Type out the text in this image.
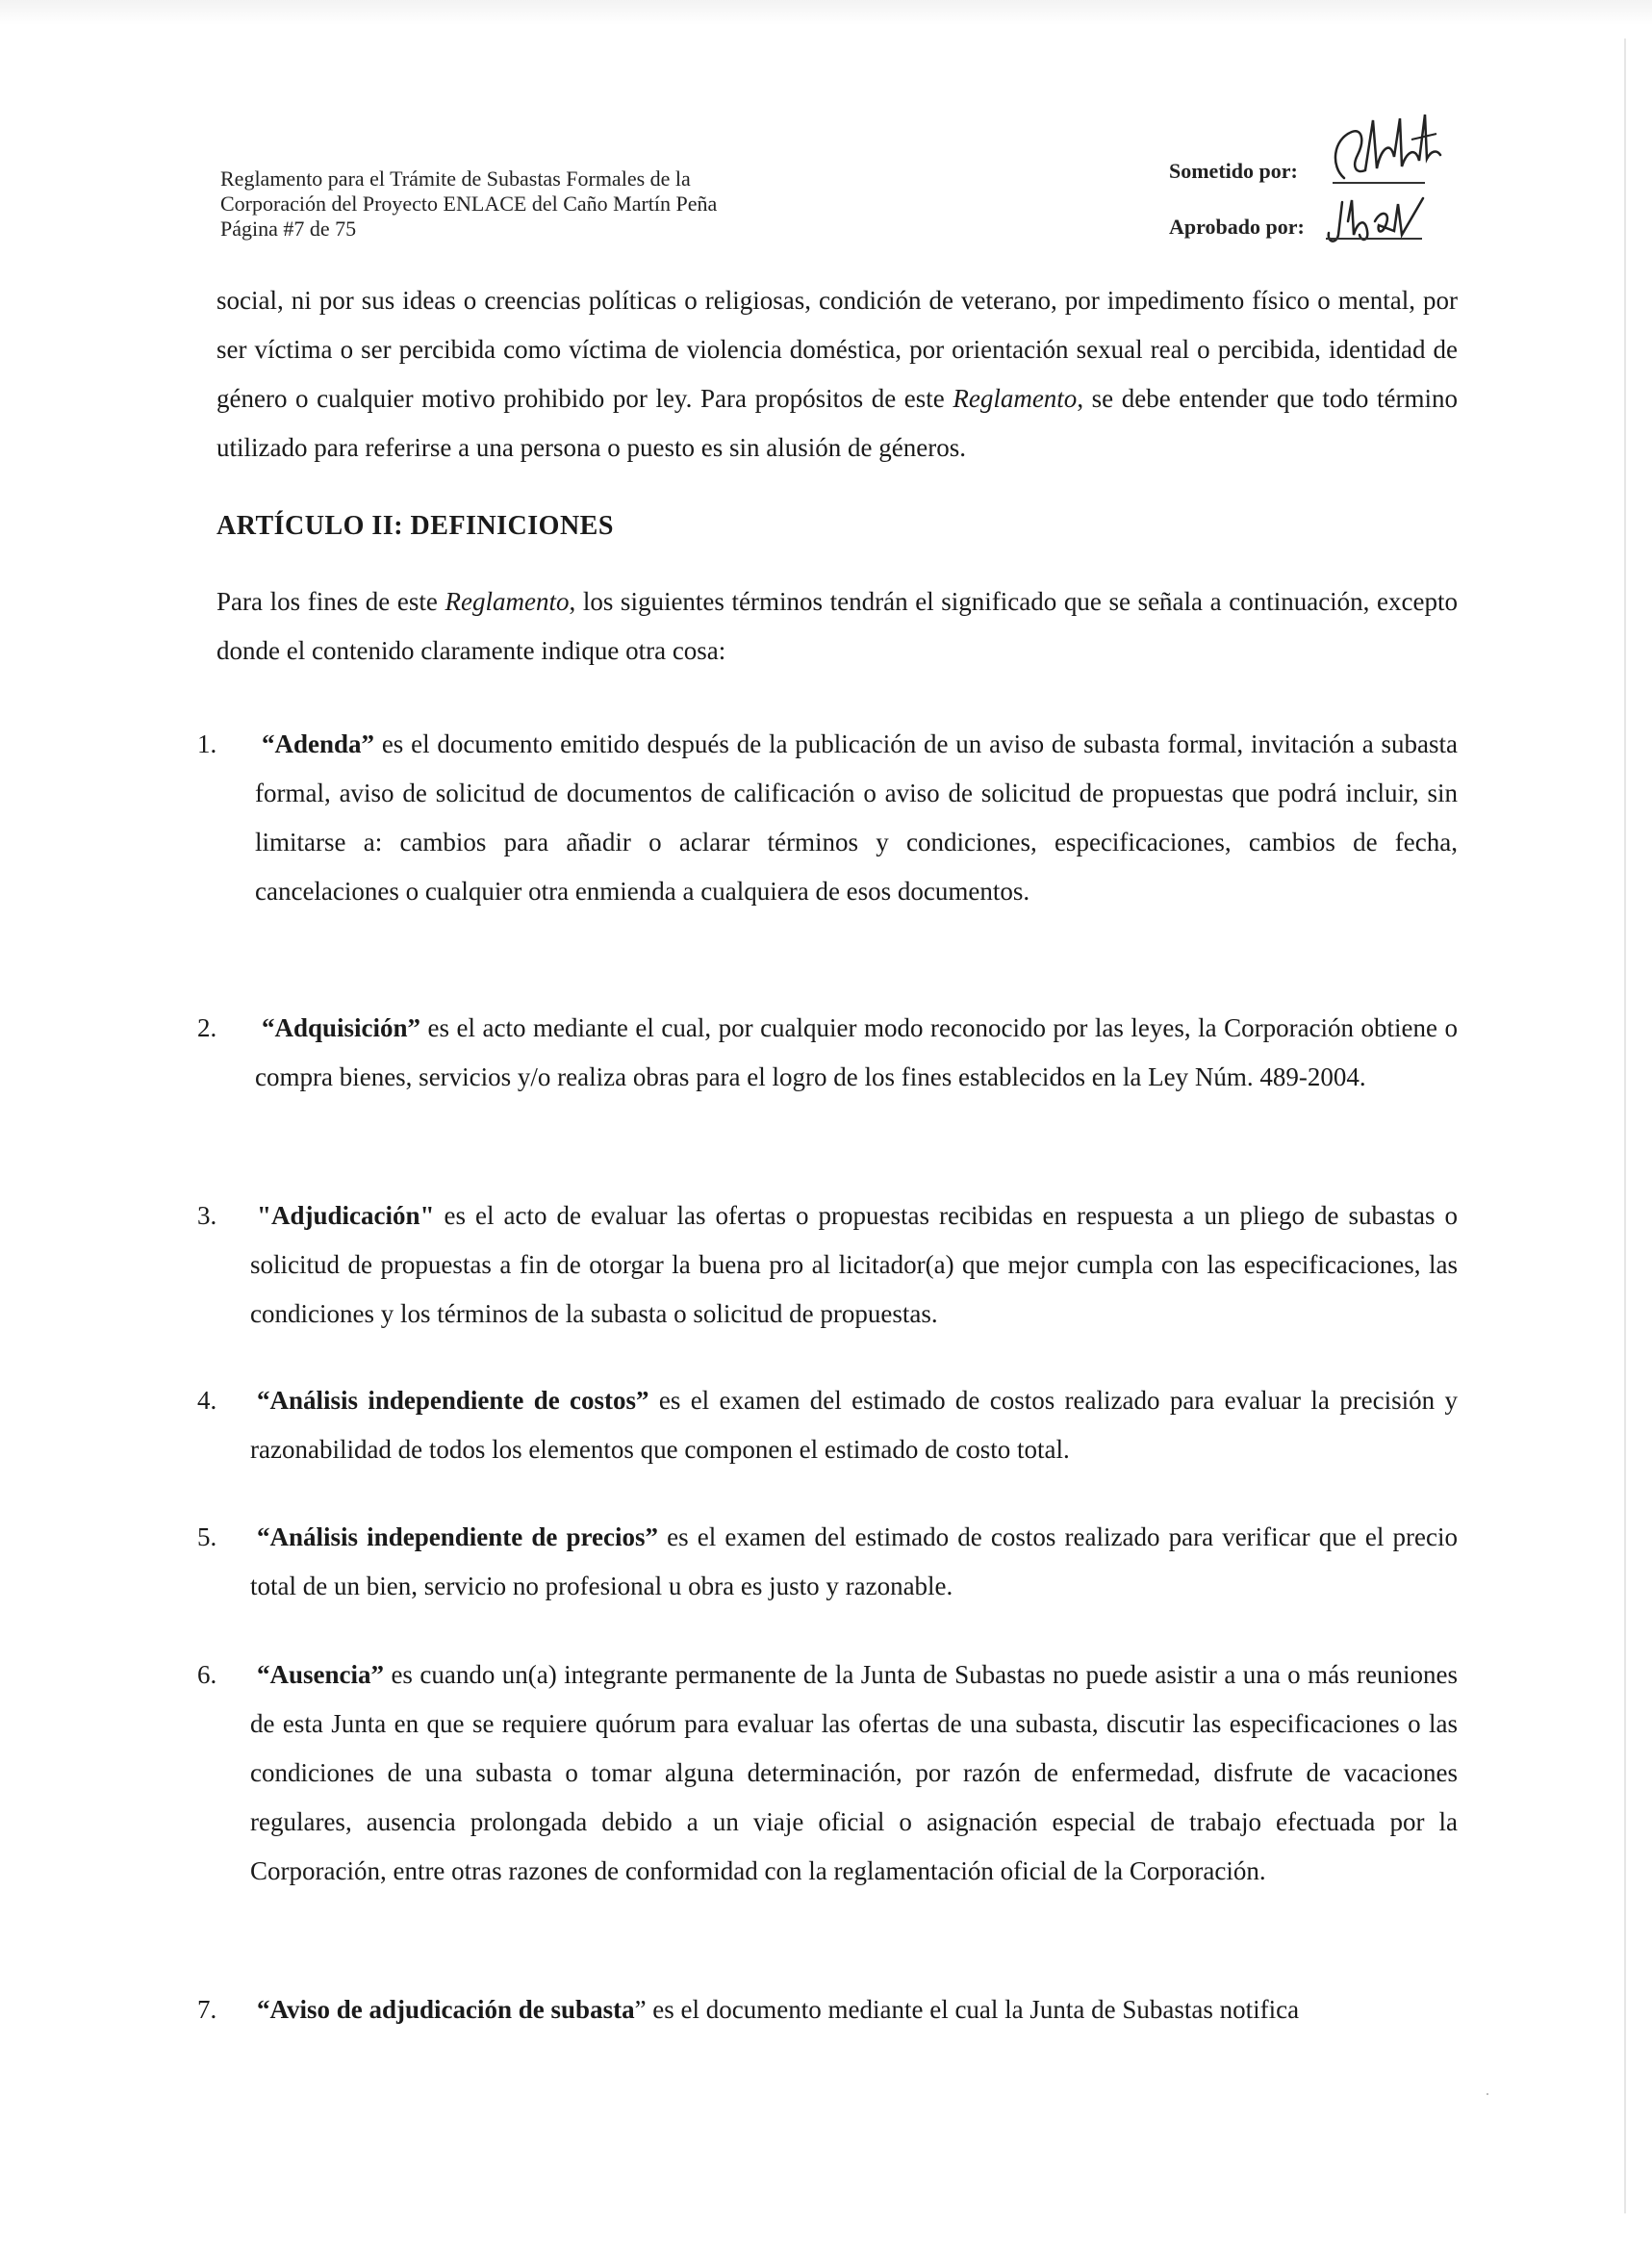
Reglamento para el Trámite de Subastas Formales de la
Corporación del Proyecto ENLACE del Caño Martín Peña
Página #7 de 75
Sometido por:
Aprobado por:
social, ni por sus ideas o creencias políticas o religiosas, condición de veterano, por impedimento físico o mental, por ser víctima o ser percibida como víctima de violencia doméstica, por orientación sexual real o percibida, identidad de género o cualquier motivo prohibido por ley. Para propósitos de este Reglamento, se debe entender que todo término utilizado para referirse a una persona o puesto es sin alusión de géneros.
ARTÍCULO II: DEFINICIONES
Para los fines de este Reglamento, los siguientes términos tendrán el significado que se señala a continuación, excepto donde el contenido claramente indique otra cosa:
1. “Adenda” es el documento emitido después de la publicación de un aviso de subasta formal, invitación a subasta formal, aviso de solicitud de documentos de calificación o aviso de solicitud de propuestas que podrá incluir, sin limitarse a: cambios para añadir o aclarar términos y condiciones, especificaciones, cambios de fecha, cancelaciones o cualquier otra enmienda a cualquiera de esos documentos.
2. “Adquisición” es el acto mediante el cual, por cualquier modo reconocido por las leyes, la Corporación obtiene o compra bienes, servicios y/o realiza obras para el logro de los fines establecidos en la Ley Núm. 489-2004.
3. "Adjudicación" es el acto de evaluar las ofertas o propuestas recibidas en respuesta a un pliego de subastas o solicitud de propuestas a fin de otorgar la buena pro al licitador(a) que mejor cumpla con las especificaciones, las condiciones y los términos de la subasta o solicitud de propuestas.
4. “Análisis independiente de costos” es el examen del estimado de costos realizado para evaluar la precisión y razonabilidad de todos los elementos que componen el estimado de costo total.
5. “Análisis independiente de precios” es el examen del estimado de costos realizado para verificar que el precio total de un bien, servicio no profesional u obra es justo y razonable.
6. “Ausencia” es cuando un(a) integrante permanente de la Junta de Subastas no puede asistir a una o más reuniones de esta Junta en que se requiere quórum para evaluar las ofertas de una subasta, discutir las especificaciones o las condiciones de una subasta o tomar alguna determinación, por razón de enfermedad, disfrute de vacaciones regulares, ausencia prolongada debido a un viaje oficial o asignación especial de trabajo efectuada por la Corporación, entre otras razones de conformidad con la reglamentación oficial de la Corporación.
7. “Aviso de adjudicación de subasta” es el documento mediante el cual la Junta de Subastas notifica
